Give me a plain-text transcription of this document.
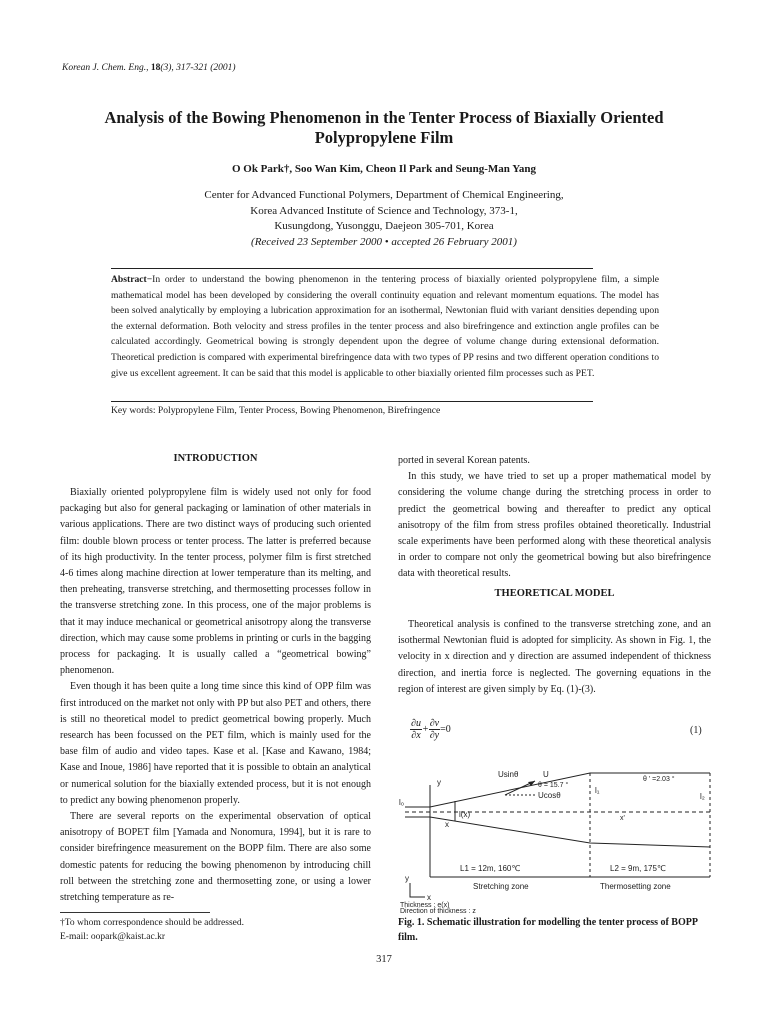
Korean J. Chem. Eng., 18(3), 317-321 (2001)
Analysis of the Bowing Phenomenon in the Tenter Process of Biaxially Oriented Polypropylene Film
O Ok Park†, Soo Wan Kim, Cheon Il Park and Seung-Man Yang
Center for Advanced Functional Polymers, Department of Chemical Engineering,
Korea Advanced Institute of Science and Technology, 373-1,
Kusungdong, Yusonggu, Daejeon 305-701, Korea
(Received 23 September 2000 • accepted 26 February 2001)
Abstract−In order to understand the bowing phenomenon in the tentering process of biaxially oriented polypropylene film, a simple mathematical model has been developed by considering the overall continuity equation and relevant momentum equations. The model has been solved analytically by employing a lubrication approximation for an isothermal, Newtonian fluid with variant densities depending upon the external deformation. Both velocity and stress profiles in the tenter process and also birefringence and extinction angle profiles can be calculated accordingly. Geometrical bowing is strongly dependent upon the degree of volume change during extensional deformation. Theoretical prediction is compared with experimental birefringence data with two types of PP resins and two different operation conditions to give us excellent agreement. It can be said that this model is applicable to other biaxially oriented film processes such as PET.
Key words: Polypropylene Film, Tenter Process, Bowing Phenomenon, Birefringence
INTRODUCTION

Biaxially oriented polypropylene film is widely used not only for food packaging but also for general packaging or lamination of other materials in various applications. There are two distinct ways of producing such oriented film: double blown process or tenter process. The latter is preferred because of its high productivity. In the tenter process, polymer film is first stretched 4-6 times along machine direction at lower temperature than its melting, and then preheating, transverse stretching, and thermosetting processes follow in the transverse stretching zone. In this process, one of the major problems is that it may induce mechanical or geometrical anisotropy along the transverse direction, which may cause some problems in printing or curls in the bagging process for packaging. It is usually called a “geometrical bowing” phenomenon.

Even though it has been quite a long time since this kind of OPP film was first introduced on the market not only with PP but also PET and others, there is still no theoretical model to predict geometrical bowing properly. Much research has been focussed on the PET film, which is mainly used for the base film of audio and video tapes. Kase et al. [Kase and Kawano, 1984; Kase and Inoue, 1986] have reported that it is possible to obtain an analytical or numerical solution for the biaxially extended process, but it is not enough to predict any bowing phenomenon properly.

There are several reports on the experimental observation of optical anisotropy of BOPET film [Yamada and Nonomura, 1994], but it is rare to consider birefringence measurement on the BOPP film. There are also some domestic patents for reducing the bowing phenomenon by introducing chill roll between the stretching zone and thermosetting zone, or using a lower stretching temperature as re-

†To whom correspondence should be addressed.
E-mail: oopark@kaist.ac.kr

ported in several Korean patents.

In this study, we have tried to set up a proper mathematical model by considering the volume change during the stretching process in order to predict the geometrical bowing and thereafter to predict any optical anisotropy of the film from stress profiles obtained theoretically. Industrial scale experiments have been performed along with these theoretical analysis in order to compare not only the geometrical bowing but also birefringence data with theoretical results.

THEORETICAL MODEL

Theoretical analysis is confined to the transverse stretching zone, and an isothermal Newtonian fluid is adopted for simplicity. As shown in Fig. 1, the velocity in x direction and y direction are assumed independent of thickness direction, and inertia force is neglected. The governing equations in the region of interest are given simply by Eq. (1)-(3).

$\frac{\partial u}{\partial x}+ \frac{\partial v}{\partial y}=0$	(1)
Usinθ	U
θ = 15.7 °
Ucosθ
θ ' =2.03 °
l₀
l₁
l₂
l(x)
y
x
x'
L1 = 12m, 160℃	L2 = 9m, 175℃
Stretching zone	Thermosetting zone
y
x
Thickness : e(x)
Direction of thickness : z
Fig. 1. Schematic illustration for modelling the tenter process of BOPP film.
317
